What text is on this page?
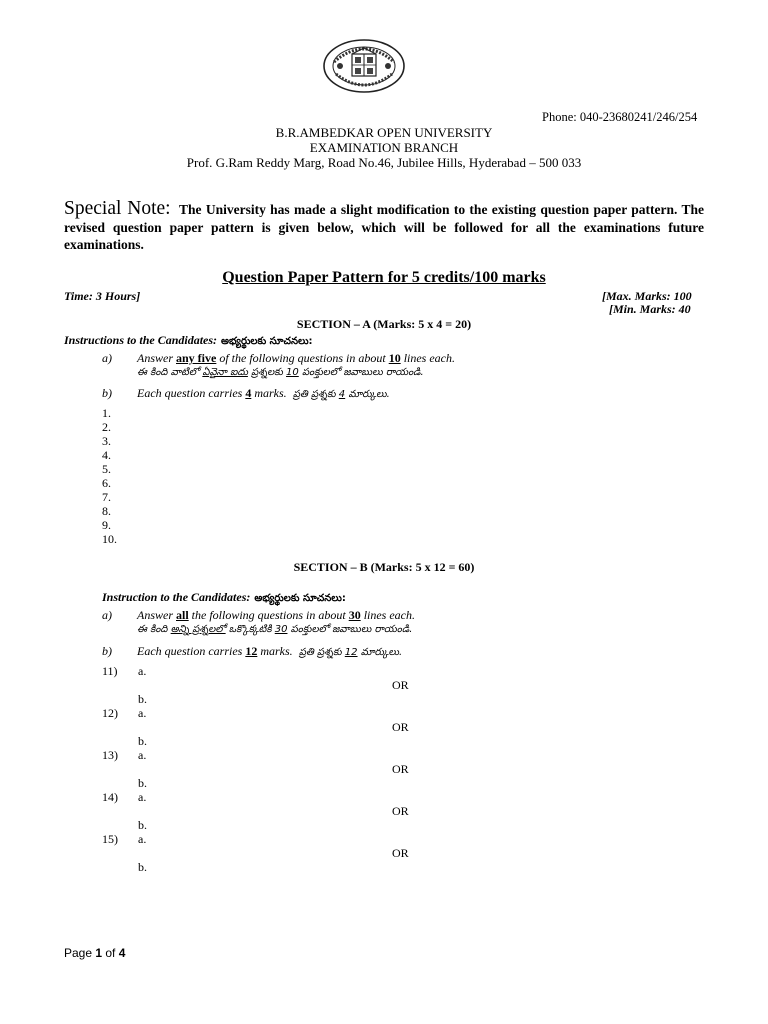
Phone: 040-23680241/246/254
B.R.AMBEDKAR OPEN UNIVERSITY
EXAMINATION BRANCH
Prof. G.Ram Reddy Marg, Road No.46, Jubilee Hills, Hyderabad – 500 033
Special Note: The University has made a slight modification to the existing question paper pattern. The revised question paper pattern is given below, which will be followed for all the examinations future examinations.
Question Paper Pattern for 5 credits/100 marks
Time: 3 Hours]	[Max. Marks: 100
[Min. Marks: 40
SECTION – A (Marks: 5 x 4 = 20)
Instructions to the Candidates: అభ్యర్థులకు సూచనలు:
a) Answer any five of the following questions in about 10 lines each.
ఈ కింది వాటిలో ఏవైనా ఐదు ప్రశ్నలకు 10 పంక్తులలో జవాబులు రాయండి.
b) Each question carries 4 marks. ప్రతి ప్రశ్నకు 4 మార్కులు.
1.
2.
3.
4.
5.
6.
7.
8.
9.
10.
SECTION – B (Marks: 5 x 12 = 60)
Instruction to the Candidates: అభ్యర్థులకు సూచనలు:
a) Answer all the following questions in about 30 lines each.
ఈ కింది అన్ని ప్రశ్నలలో ఒక్కొక్కటికి 30 పంక్తులలో జవాబులు రాయండి.
b) Each question carries 12 marks. ప్రతి ప్రశ్నకు 12 మార్కులు.
11) a.
OR
b.
12) a.
OR
b.
13) a.
OR
b.
14) a.
OR
b.
15) a.
OR
b.
Page 1 of 4
